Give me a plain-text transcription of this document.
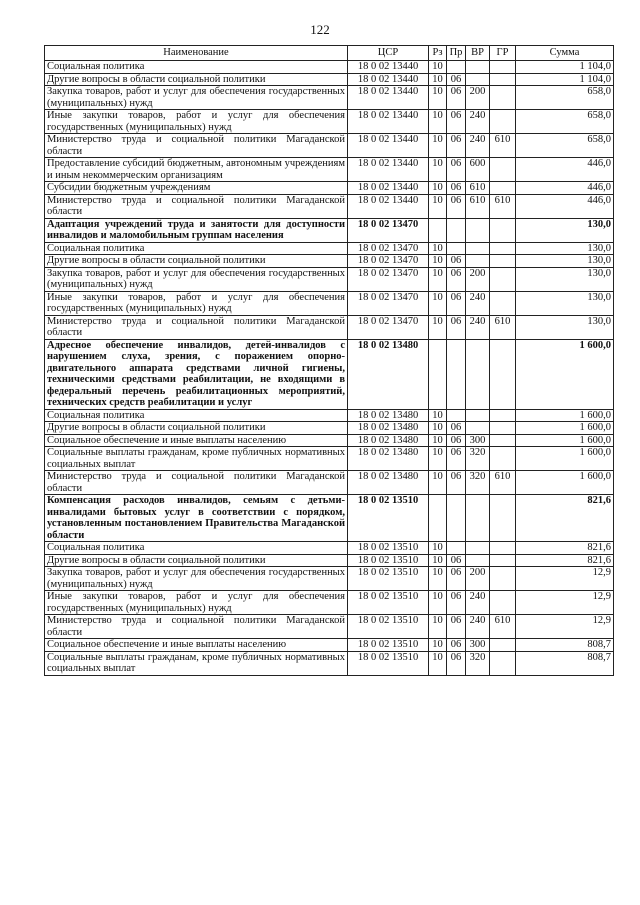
122
Наименование	ЦСР	Рз	Пр	ВР	ГР	Сумма
Социальная политика	18 0 02 13440	10				1 104,0
Другие вопросы в области социальной политики	18 0 02 13440	10	06			1 104,0
Закупка товаров, работ и услуг для обеспечения государственных (муниципальных) нужд	18 0 02 13440	10	06	200		658,0
Иные закупки товаров, работ и услуг для обеспечения государственных (муниципальных) нужд	18 0 02 13440	10	06	240		658,0
Министерство труда и социальной политики Магаданской области	18 0 02 13440	10	06	240	610	658,0
Предоставление субсидий бюджетным, автономным учреждениям и иным некоммерческим организациям	18 0 02 13440	10	06	600		446,0
Субсидии бюджетным учреждениям	18 0 02 13440	10	06	610		446,0
Министерство труда и социальной политики Магаданской области	18 0 02 13440	10	06	610	610	446,0
Адаптация учреждений труда и занятости для доступности инвалидов и маломобильным группам населения	18 0 02 13470					130,0
Социальная политика	18 0 02 13470	10				130,0
Другие вопросы в области социальной политики	18 0 02 13470	10	06			130,0
Закупка товаров, работ и услуг для обеспечения государственных (муниципальных) нужд	18 0 02 13470	10	06	200		130,0
Иные закупки товаров, работ и услуг для обеспечения государственных (муниципальных) нужд	18 0 02 13470	10	06	240		130,0
Министерство труда и социальной политики Магаданской области	18 0 02 13470	10	06	240	610	130,0
Адресное обеспечение инвалидов, детей-инвалидов с нарушением слуха, зрения, с поражением опорно-двигательного аппарата средствами личной гигиены, техническими средствами реабилитации, не входящими в федеральный перечень реабилитационных мероприятий, технических средств реабилитации и услуг	18 0 02 13480					1 600,0
Социальная политика	18 0 02 13480	10				1 600,0
Другие вопросы в области социальной политики	18 0 02 13480	10	06			1 600,0
Социальное обеспечение и иные выплаты населению	18 0 02 13480	10	06	300		1 600,0
Социальные выплаты гражданам, кроме публичных нормативных социальных выплат	18 0 02 13480	10	06	320		1 600,0
Министерство труда и социальной политики Магаданской области	18 0 02 13480	10	06	320	610	1 600,0
Компенсация расходов инвалидов, семьям с детьми-инвалидами бытовых услуг в соответствии с порядком, установленным постановлением Правительства Магаданской области	18 0 02 13510					821,6
Социальная политика	18 0 02 13510	10				821,6
Другие вопросы в области социальной политики	18 0 02 13510	10	06			821,6
Закупка товаров, работ и услуг для обеспечения государственных (муниципальных) нужд	18 0 02 13510	10	06	200		12,9
Иные закупки товаров, работ и услуг для обеспечения государственных (муниципальных) нужд	18 0 02 13510	10	06	240		12,9
Министерство труда и социальной политики Магаданской области	18 0 02 13510	10	06	240	610	12,9
Социальное обеспечение и иные выплаты населению	18 0 02 13510	10	06	300		808,7
Социальные выплаты гражданам, кроме публичных нормативных социальных выплат	18 0 02 13510	10	06	320		808,7
